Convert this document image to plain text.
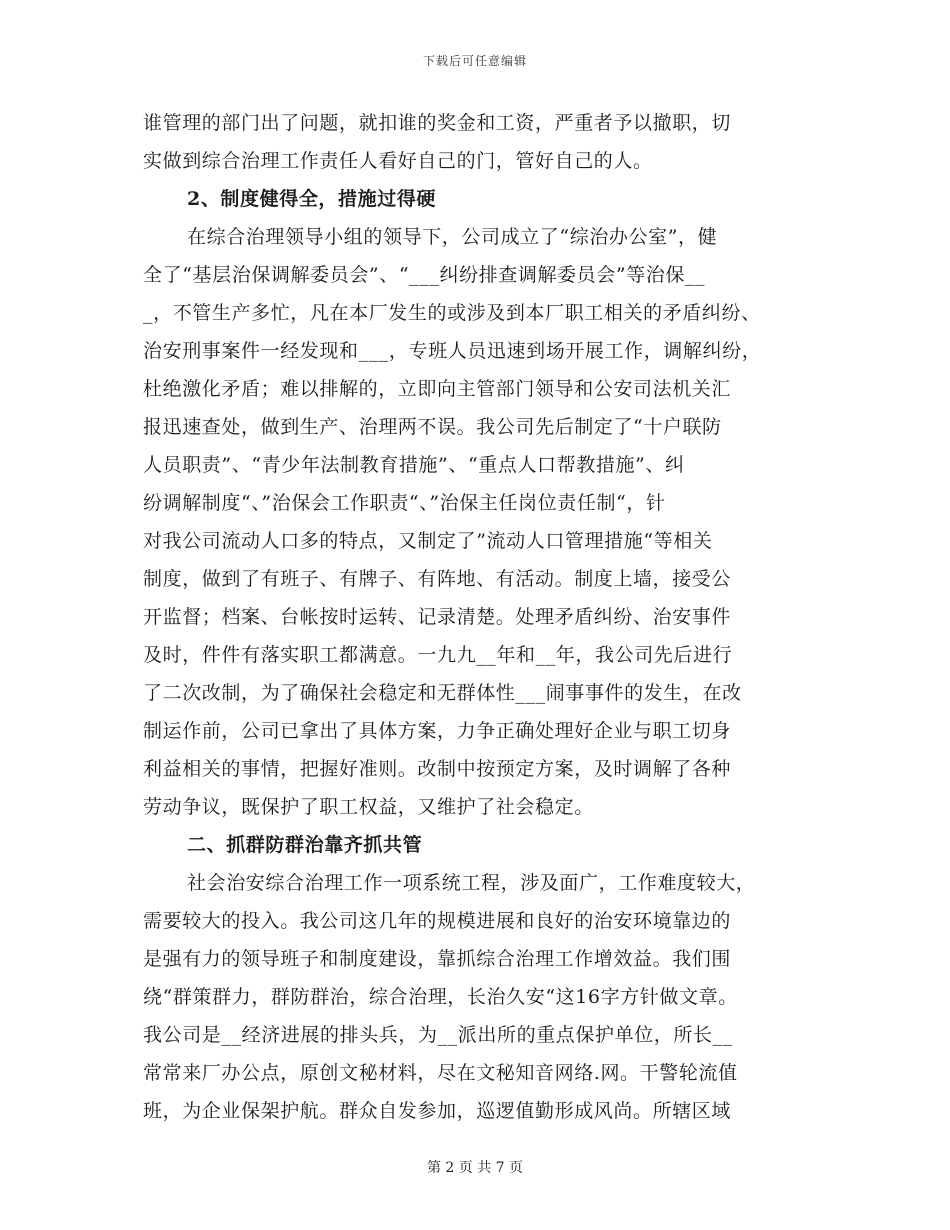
下载后可任意编辑
谁管理的部门出了问题，就扣谁的奖金和工资，严重者予以撤职，切
实做到综合治理工作责任人看好自己的门，管好自己的人。
2、制度健得全，措施过得硬
在综合治理领导小组的领导下，公司成立了“综治办公室”，健
全了“基层治保调解委员会”、“___纠纷排查调解委员会”等治保__
_，不管生产多忙，凡在本厂发生的或涉及到本厂职工相关的矛盾纠纷、
治安刑事案件一经发现和___，专班人员迅速到场开展工作，调解纠纷，
杜绝激化矛盾；难以排解的，立即向主管部门领导和公安司法机关汇
报迅速查处，做到生产、治理两不误。我公司先后制定了“十户联防
人员职责”、“青少年法制教育措施”、“重点人口帮教措施”、纠
纷调解制度“、”治保会工作职责“、”治保主任岗位责任制“，针
对我公司流动人口多的特点，又制定了”流动人口管理措施“等相关
制度，做到了有班子、有牌子、有阵地、有活动。制度上墙，接受公
开监督；档案、台帐按时运转、记录清楚。处理矛盾纠纷、治安事件
及时，件件有落实职工都满意。一九九__年和__年，我公司先后进行
了二次改制，为了确保社会稳定和无群体性___闹事事件的发生，在改
制运作前，公司已拿出了具体方案，力争正确处理好企业与职工切身
利益相关的事情，把握好准则。改制中按预定方案，及时调解了各种
劳动争议，既保护了职工权益，又维护了社会稳定。
二、抓群防群治靠齐抓共管
社会治安综合治理工作一项系统工程，涉及面广，工作难度较大，
需要较大的投入。我公司这几年的规模进展和良好的治安环境靠边的
是强有力的领导班子和制度建设，靠抓综合治理工作增效益。我们围
绕“群策群力，群防群治，综合治理，长治久安“这16字方针做文章。
我公司是__经济进展的排头兵，为__派出所的重点保护单位，所长__
常常来厂办公点，原创文秘材料，尽在文秘知音网络.网。干警轮流值
班，为企业保架护航。群众自发参加，巡逻值勤形成风尚。所辖区域
第 2 页 共 7 页
